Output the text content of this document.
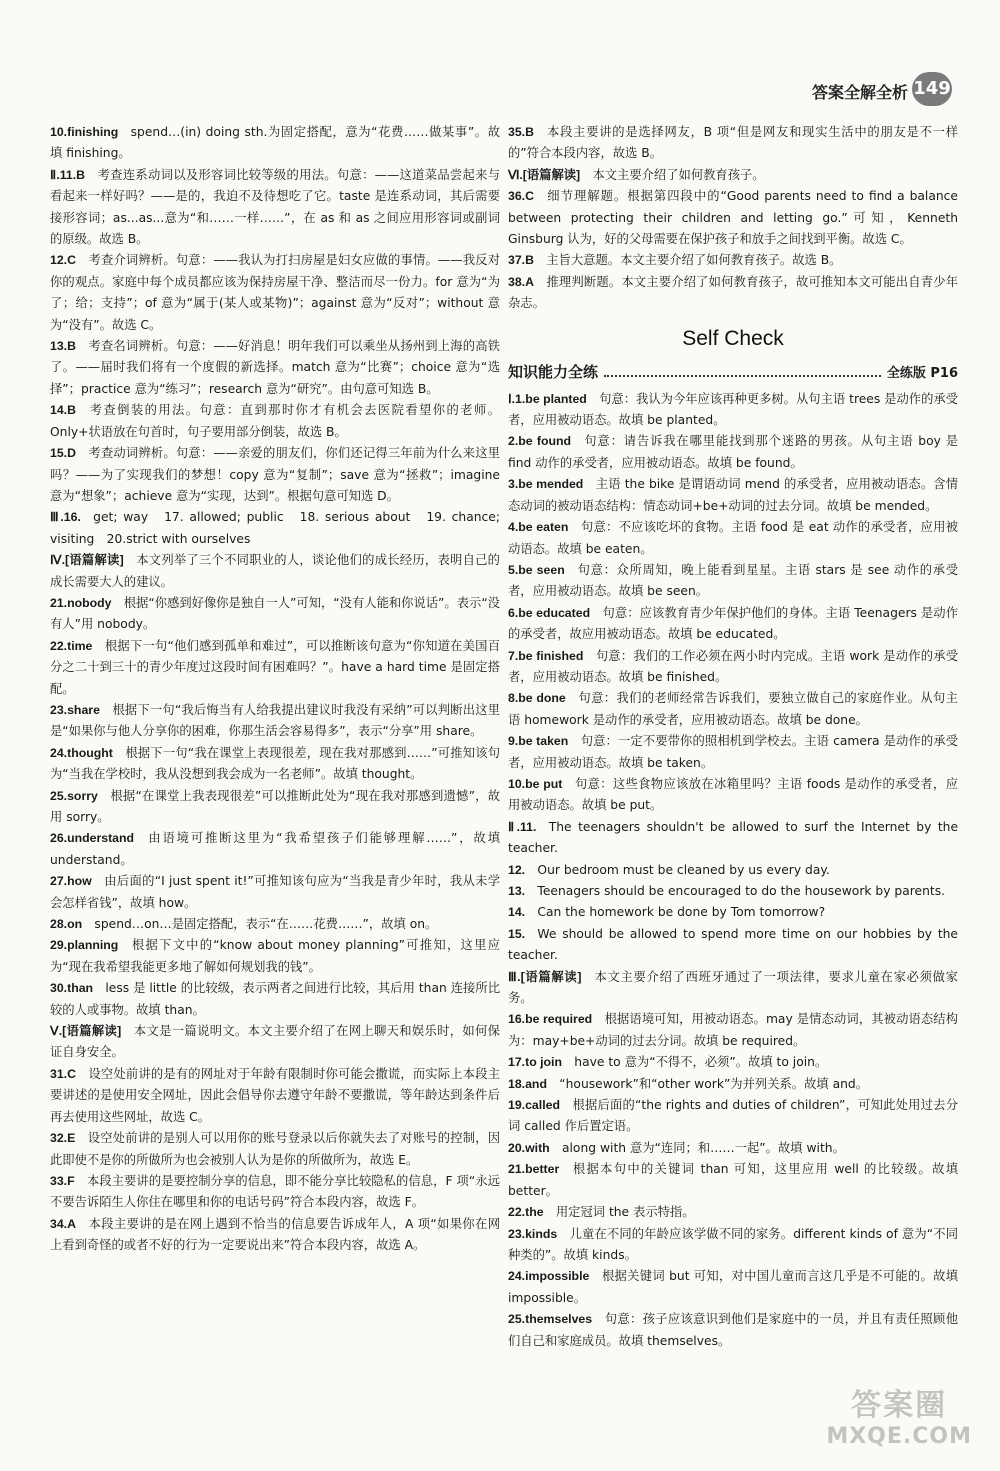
答案全解全析 149

10.finishing  spend…(in) doing sth.为固定搭配，意为“花费……做某事”。故填 finishing。

Ⅱ.11.B  考查连系动词以及形容词比较等级的用法。句意：——这道菜品尝起来与看起来一样好吗？——是的，我迫不及待想吃了它。taste 是连系动词，其后需要接形容词；as...as...意为“和……一样……”，在 as 和 as 之间应用形容词或副词的原级。故选 B。

12.C  考查介词辨析。句意：——我认为打扫房屋是妇女应做的事情。——我反对你的观点。家庭中每个成员都应该为保持房屋干净、整洁而尽一份力。for 意为“为了；给；支持”；of 意为“属于(某人或某物)”；against 意为“反对”；without 意为“没有”。故选 C。

13.B  考查名词辨析。句意：——好消息！明年我们可以乘坐从扬州到上海的高铁了。——届时我们将有一个度假的新选择。match 意为“比赛”；choice 意为“选择”；practice 意为“练习”；research 意为“研究”。由句意可知选 B。

14.B  考查倒装的用法。句意：直到那时你才有机会去医院看望你的老师。Only+状语放在句首时，句子要用部分倒装，故选 B。

15.D  考查动词辨析。句意：——亲爱的朋友们，你们还记得三年前为什么来这里吗？——为了实现我们的梦想！copy 意为“复制”；save 意为“拯救”；imagine 意为“想象”；achieve 意为“实现，达到”。根据句意可知选 D。

Ⅲ.16.  get; way　17. allowed; public　18. serious about　19. chance; visiting　20.strict with ourselves

Ⅳ.[语篇解读]  本文列举了三个不同职业的人，谈论他们的成长经历，表明自己的成长需要大人的建议。

21.nobody  根据“你感到好像你是独自一人”可知，“没有人能和你说话”。表示“没有人”用 nobody。

22.time  根据下一句“他们感到孤单和难过”，可以推断该句意为“你知道在美国百分之二十到三十的青少年度过这段时间有困难吗？”。have a hard time 是固定搭配。

23.share  根据下一句“我后悔当有人给我提出建议时我没有采纳”可以判断出这里是“如果你与他人分享你的困难，你那生活会容易得多”，表示“分享”用 share。

24.thought  根据下一句“我在课堂上表现很差，现在我对那感到……”可推知该句为“当我在学校时，我从没想到我会成为一名老师”。故填 thought。

25.sorry  根据“在课堂上我表现很差”可以推断此处为“现在我对那感到遗憾”，故用 sorry。

26.understand  由语境可推断这里为“我希望孩子们能够理解……”，故填 understand。

27.how  由后面的“I just spent it!”可推知该句应为“当我是青少年时，我从未学会怎样省钱”，故填 how。

28.on  spend…on…是固定搭配，表示“在……花费……”，故填 on。

29.planning  根据下文中的“know about money planning”可推知，这里应为“现在我希望我能更多地了解如何规划我的钱”。

30.than  less 是 little 的比较级，表示两者之间进行比较，其后用 than 连接所比较的人或事物。故填 than。

Ⅴ.[语篇解读]  本文是一篇说明文。本文主要介绍了在网上聊天和娱乐时，如何保证自身安全。

31.C  设空处前讲的是有的网址对于年龄有限制时你可能会撒谎，而实际上本段主要讲述的是使用安全网址，因此会倡导你去遵守年龄不要撒谎，等年龄达到条件后再去使用这些网址，故选 C。

32.E  设空处前讲的是别人可以用你的账号登录以后你就失去了对账号的控制，因此即使不是你的所做所为也会被别人认为是你的所做所为，故选 E。

33.F  本段主要讲的是要控制分享的信息，即不能分享比较隐私的信息，F 项“永远不要告诉陌生人你住在哪里和你的电话号码”符合本段内容，故选 F。

34.A  本段主要讲的是在网上遇到不恰当的信息要告诉成年人，A 项“如果你在网上看到奇怪的或者不好的行为一定要说出来”符合本段内容，故选 A。

35.B  本段主要讲的是选择网友，B 项“但是网友和现实生活中的朋友是不一样的”符合本段内容，故选 B。

Ⅵ.[语篇解读]  本文主要介绍了如何教育孩子。

36.C  细节理解题。根据第四段中的“Good parents need to find a balance between protecting their children and letting go.”可知，Kenneth Ginsburg 认为，好的父母需要在保护孩子和放手之间找到平衡。故选 C。

37.B  主旨大意题。本文主要介绍了如何教育孩子。故选 B。

38.A  推理判断题。本文主要介绍了如何教育孩子，故可推知本文可能出自青少年杂志。

Self Check
知识能力全练	全练版 P16

Ⅰ.1.be planted  句意：我认为今年应该再种更多树。从句主语 trees 是动作的承受者，应用被动语态。故填 be planted。

2.be found  句意：请告诉我在哪里能找到那个迷路的男孩。从句主语 boy 是 find 动作的承受者，应用被动语态。故填 be found。

3.be mended  主语 the bike 是谓语动词 mend 的承受者，应用被动语态。含情态动词的被动语态结构：情态动词+be+动词的过去分词。故填 be mended。

4.be eaten  句意：不应该吃坏的食物。主语 food 是 eat 动作的承受者，应用被动语态。故填 be eaten。

5.be seen  句意：众所周知，晚上能看到星星。主语 stars 是 see 动作的承受者，应用被动语态。故填 be seen。

6.be educated  句意：应该教育青少年保护他们的身体。主语 Teenagers 是动作的承受者，故应用被动语态。故填 be educated。

7.be finished  句意：我们的工作必须在两小时内完成。主语 work 是动作的承受者，应用被动语态。故填 be finished。

8.be done  句意：我们的老师经常告诉我们，要独立做自己的家庭作业。从句主语 homework 是动作的承受者，应用被动语态。故填 be done。

9.be taken  句意：一定不要带你的照相机到学校去。主语 camera 是动作的承受者，应用被动语态。故填 be taken。

10.be put  句意：这些食物应该放在冰箱里吗？主语 foods 是动作的承受者，应用被动语态。故填 be put。

Ⅱ.11.  The teenagers shouldn't be allowed to surf the Internet by the teacher.

12.  Our bedroom must be cleaned by us every day.

13.  Teenagers should be encouraged to do the housework by parents.

14.  Can the homework be done by Tom tomorrow?

15.  We should be allowed to spend more time on our hobbies by the teacher.

Ⅲ.[语篇解读]  本文主要介绍了西班牙通过了一项法律，要求儿童在家必须做家务。

16.be required  根据语境可知，用被动语态。may 是情态动词，其被动语态结构为：may+be+动词的过去分词。故填 be required。

17.to join  have to 意为“不得不，必须”。故填 to join。

18.and  “housework”和“other work”为并列关系。故填 and。

19.called  根据后面的“the rights and duties of children”，可知此处用过去分词 called 作后置定语。

20.with  along with 意为“连同；和……一起”。故填 with。

21.better  根据本句中的关键词 than 可知，这里应用 well 的比较级。故填 better。

22.the  用定冠词 the 表示特指。

23.kinds  儿童在不同的年龄应该学做不同的家务。different kinds of 意为“不同种类的”。故填 kinds。

24.impossible  根据关键词 but 可知，对中国儿童而言这几乎是不可能的。故填 impossible。

25.themselves  句意：孩子应该意识到他们是家庭中的一员，并且有责任照顾他们自己和家庭成员。故填 themselves。

答案圈
MXQE.COM
